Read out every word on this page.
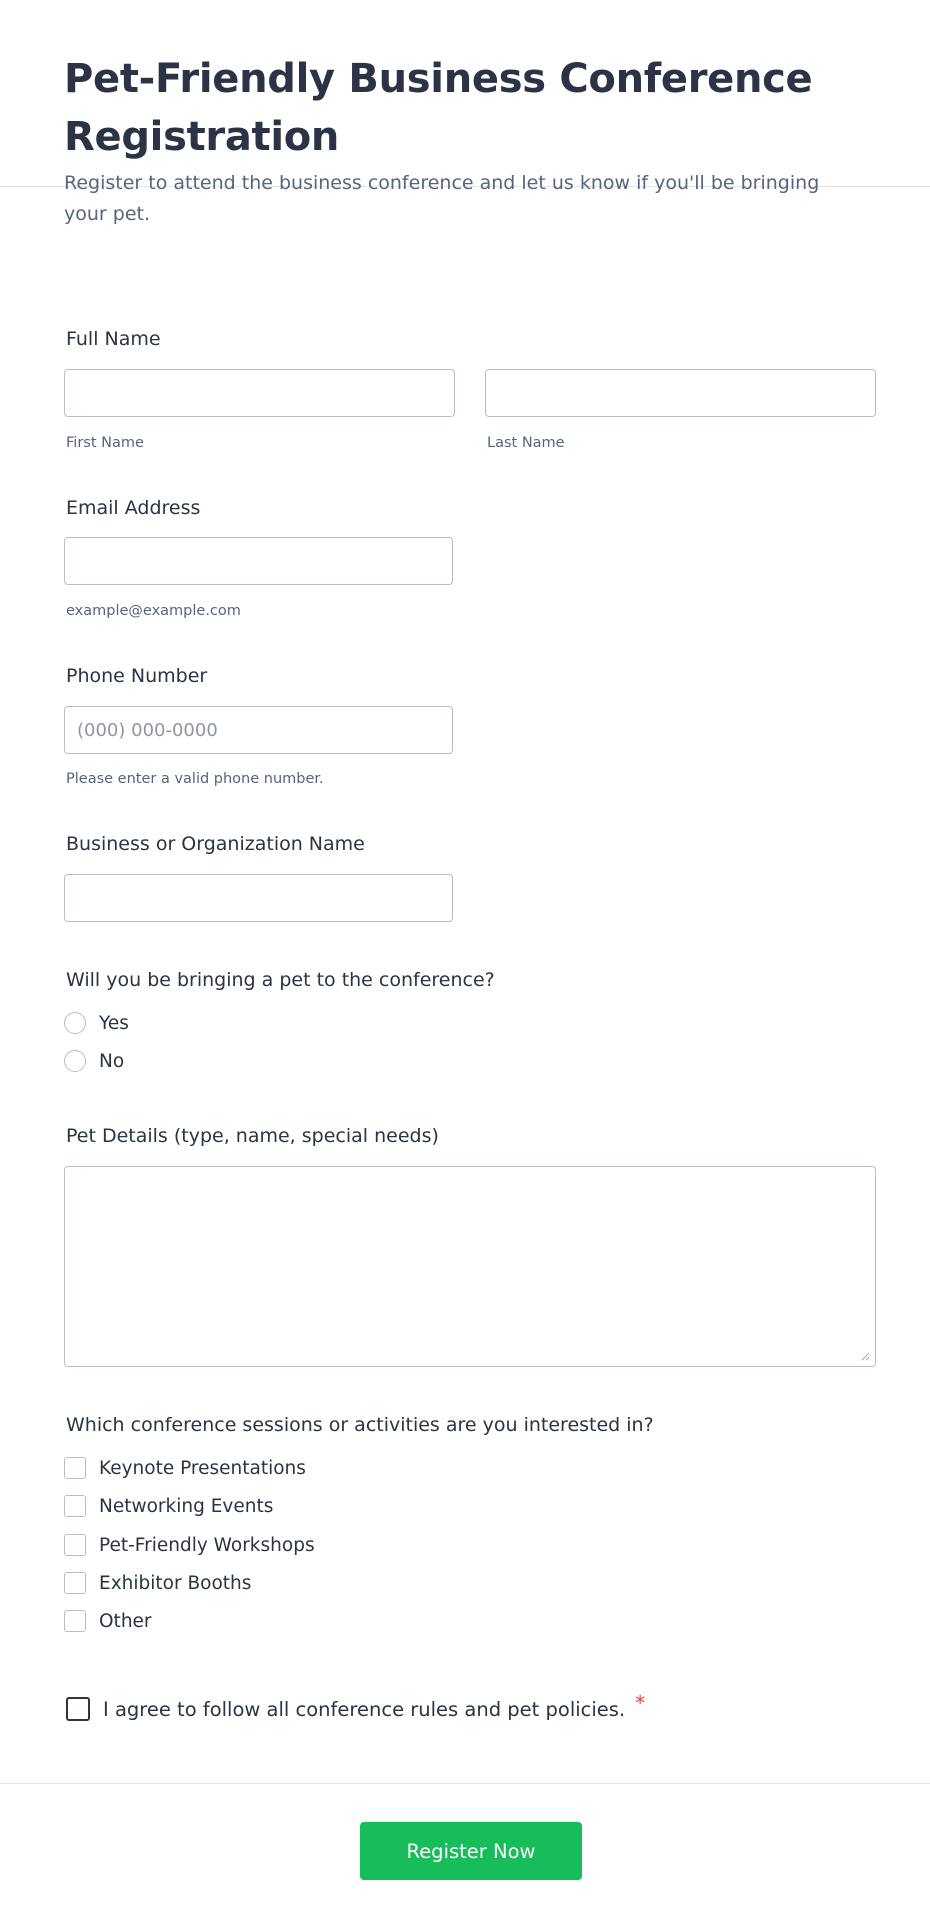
Pet-Friendly Business Conference Registration

Register to attend the business conference and let us know if you'll be bringing your pet.

Full Name
First Name	Last Name
Email Address
example@example.com
Phone Number
(000) 000-0000
Please enter a valid phone number.
Business or Organization Name
Will you be bringing a pet to the conference?
Yes
No
Pet Details (type, name, special needs)
Which conference sessions or activities are you interested in?
Keynote Presentations
Networking Events
Pet-Friendly Workshops
Exhibitor Booths
Other
I agree to follow all conference rules and pet policies. *
Register Now
